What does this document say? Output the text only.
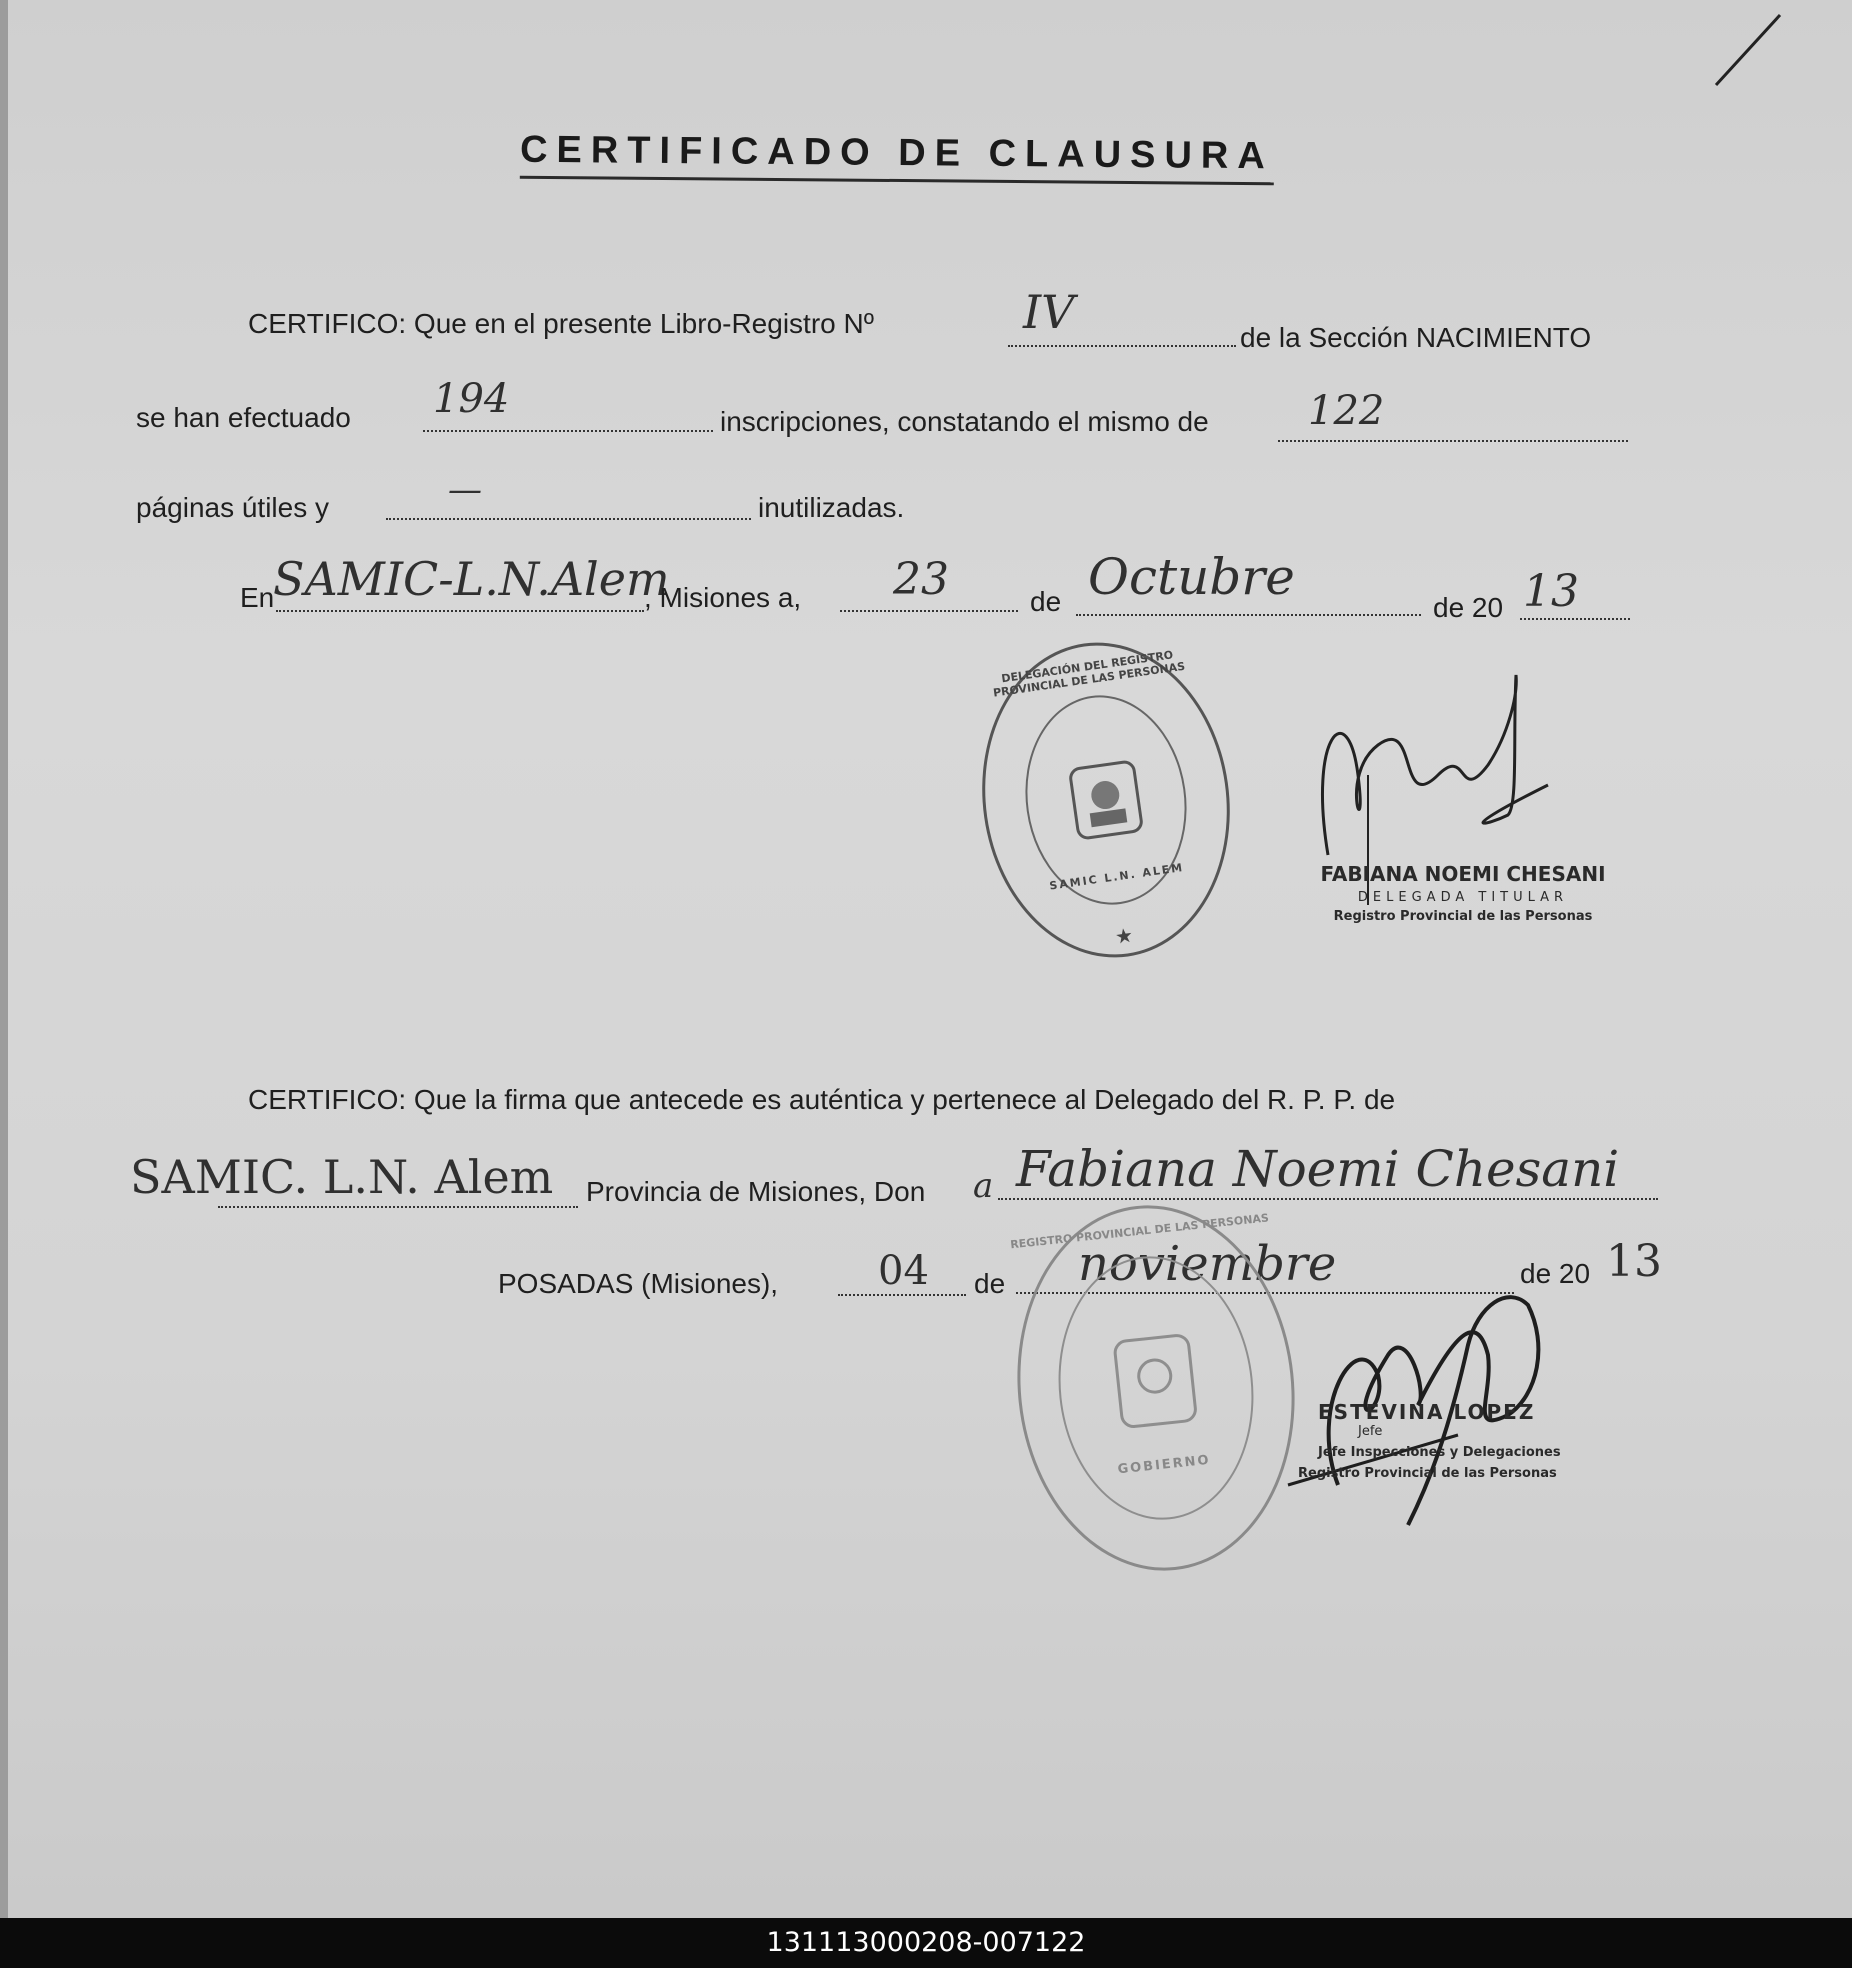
CERTIFICADO DE CLAUSURA
CERTIFICO: Que en el presente Libro-Registro Nº	IV	de la Sección NACIMIENTO
se han efectuado 194	inscripciones, constatando el mismo de 122
páginas útiles y	—	inutilizadas.
En
SAMIC-L.N.Alem
, Misiones a, 23	de Octubre
de 20 13
DELEGACIÓN DEL REGISTRO PROVINCIAL DE LAS PERSONAS
SAMIC L.N. ALEM
★
FABIANA NOEMI CHESANI
DELEGADA TITULAR
Registro Provincial de las Personas
CERTIFICO: Que la firma que antecede es auténtica y pertenece al Delegado del R. P. P. de
SAMIC. L.N. Alem Provincia de Misiones, Don a Fabiana Noemi Chesani
POSADAS (Misiones), 04 de noviembre	de 20 13
REGISTRO PROVINCIAL DE LAS PERSONAS
GOBIERNO
ESTEVINA LOPEZ
Jefe
Jefe Inspecciones y Delegaciones
Registro Provincial de las Personas
131113000208-007122
